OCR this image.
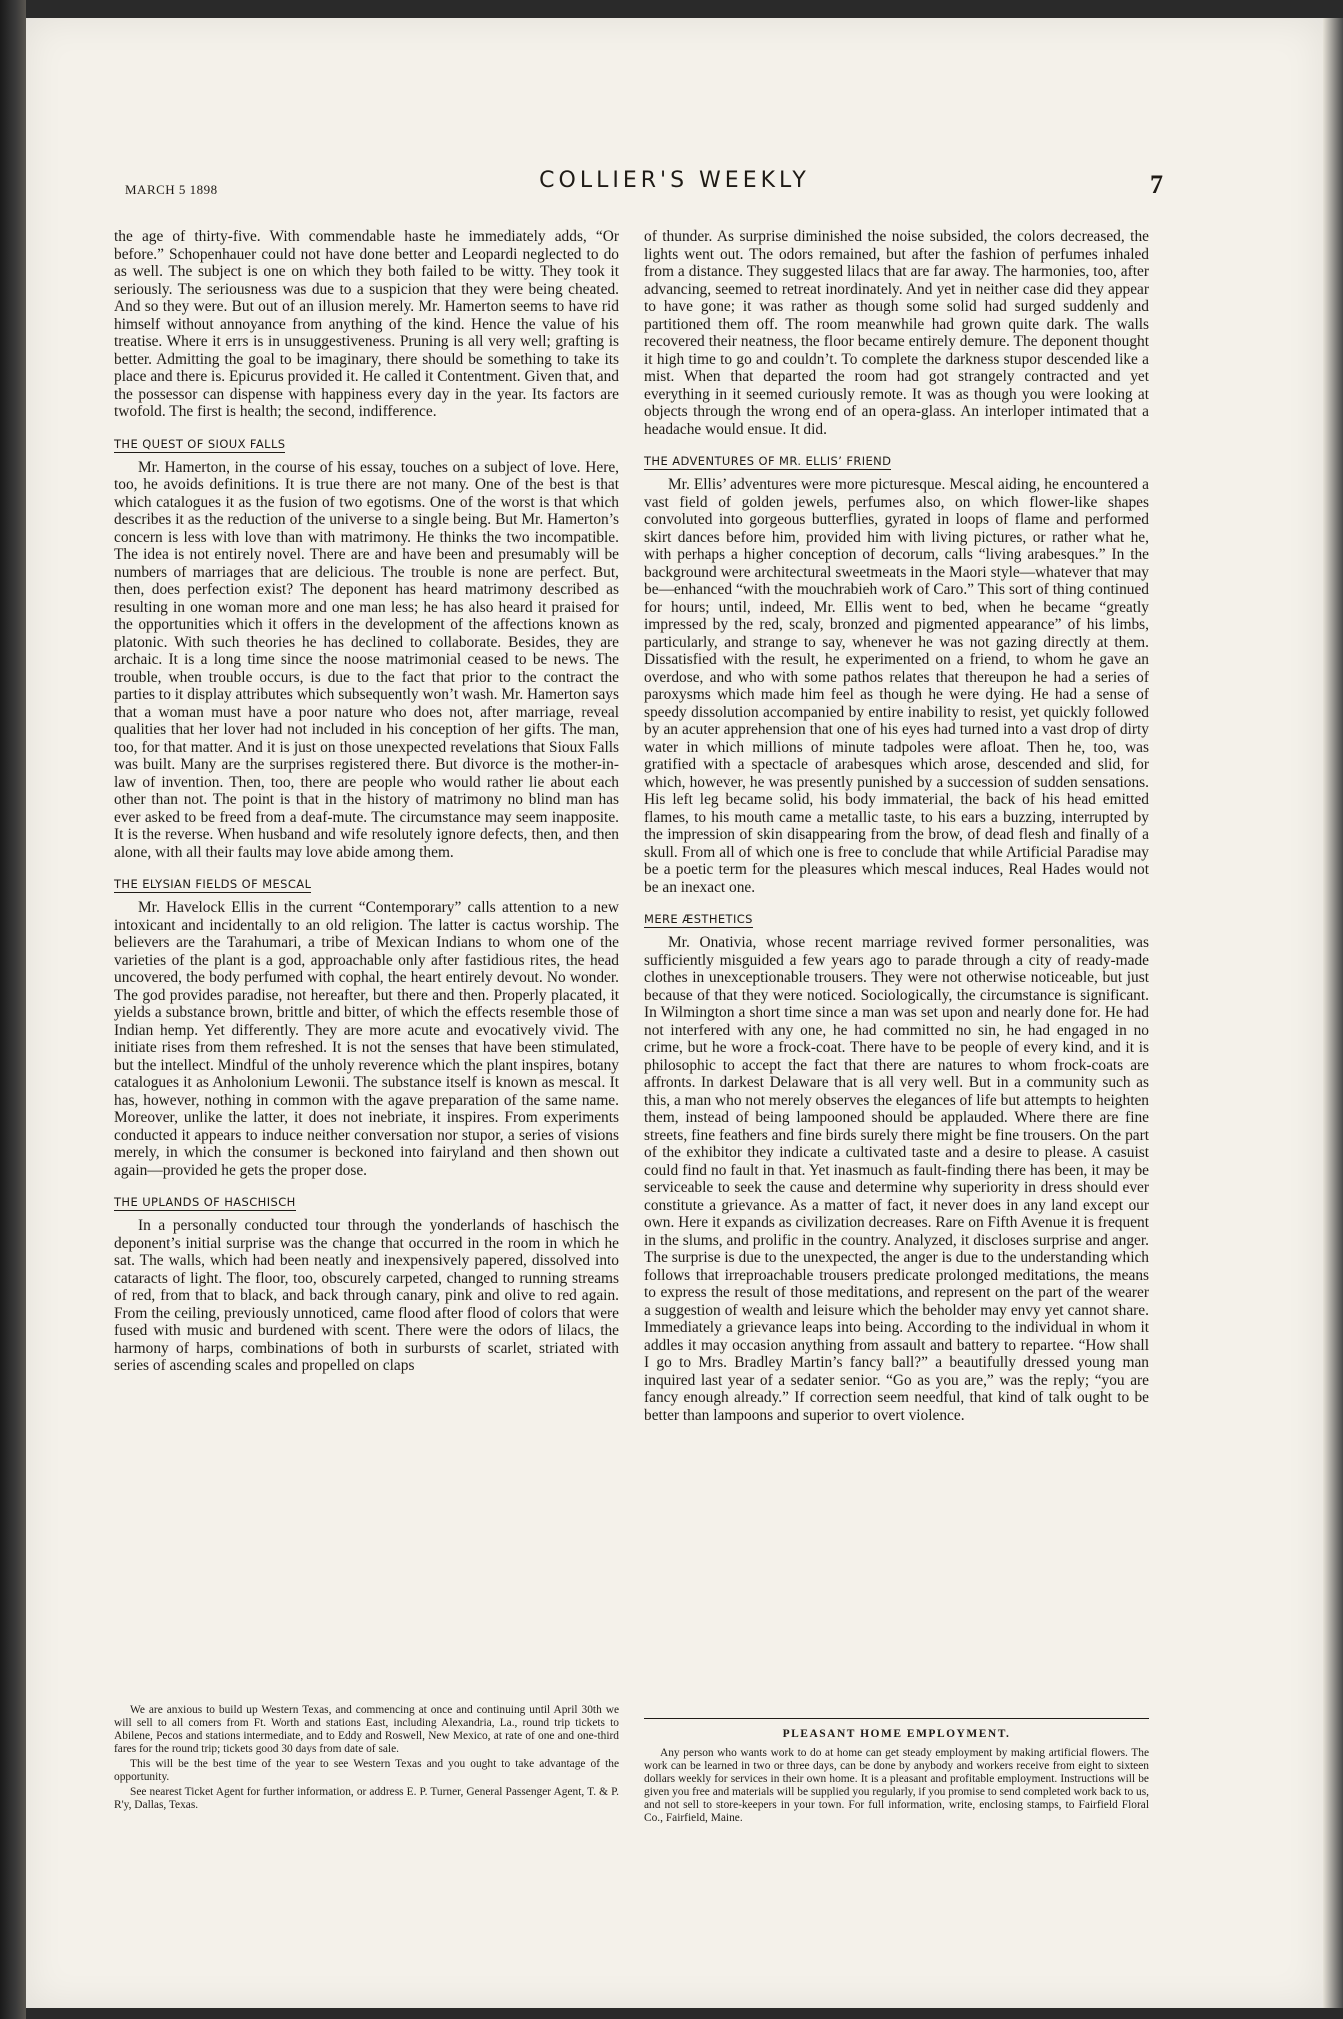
MARCH 5 1898	COLLIER'S WEEKLY	7

the age of thirty-five. With commendable haste he immediately adds, “Or before.” Schopenhauer could not have done better and Leopardi neglected to do as well. The subject is one on which they both failed to be witty. They took it seriously. The seriousness was due to a suspicion that they were being cheated. And so they were. But out of an illusion merely. Mr. Hamerton seems to have rid himself without annoyance from anything of the kind. Hence the value of his treatise. Where it errs is in unsuggestiveness. Pruning is all very well; grafting is better. Admitting the goal to be imaginary, there should be something to take its place and there is. Epicurus provided it. He called it Contentment. Given that, and the possessor can dispense with happiness every day in the year. Its factors are twofold. The first is health; the second, indifference.

THE QUEST OF SIOUX FALLS

Mr. Hamerton, in the course of his essay, touches on a subject of love. Here, too, he avoids definitions. It is true there are not many. One of the best is that which catalogues it as the fusion of two egotisms. One of the worst is that which describes it as the reduction of the universe to a single being. But Mr. Hamerton’s concern is less with love than with matrimony. He thinks the two incompatible. The idea is not entirely novel. There are and have been and presumably will be numbers of marriages that are delicious. The trouble is none are perfect. But, then, does perfection exist? The deponent has heard matrimony described as resulting in one woman more and one man less; he has also heard it praised for the opportunities which it offers in the development of the affections known as platonic. With such theories he has declined to collaborate. Besides, they are archaic. It is a long time since the noose matrimonial ceased to be news. The trouble, when trouble occurs, is due to the fact that prior to the contract the parties to it display attributes which subsequently won’t wash. Mr. Hamerton says that a woman must have a poor nature who does not, after marriage, reveal qualities that her lover had not included in his conception of her gifts. The man, too, for that matter. And it is just on those unexpected revelations that Sioux Falls was built. Many are the surprises registered there. But divorce is the mother-in-law of invention. Then, too, there are people who would rather lie about each other than not. The point is that in the history of matrimony no blind man has ever asked to be freed from a deaf-mute. The circumstance may seem inapposite. It is the reverse. When husband and wife resolutely ignore defects, then, and then alone, with all their faults may love abide among them.

THE ELYSIAN FIELDS OF MESCAL

Mr. Havelock Ellis in the current “Contemporary” calls attention to a new intoxicant and incidentally to an old religion. The latter is cactus worship. The believers are the Tarahumari, a tribe of Mexican Indians to whom one of the varieties of the plant is a god, approachable only after fastidious rites, the head uncovered, the body perfumed with cophal, the heart entirely devout. No wonder. The god provides paradise, not hereafter, but there and then. Properly placated, it yields a substance brown, brittle and bitter, of which the effects resemble those of Indian hemp. Yet differently. They are more acute and evocatively vivid. The initiate rises from them refreshed. It is not the senses that have been stimulated, but the intellect. Mindful of the unholy reverence which the plant inspires, botany catalogues it as Anholonium Lewonii. The substance itself is known as mescal. It has, however, nothing in common with the agave preparation of the same name. Moreover, unlike the latter, it does not inebriate, it inspires. From experiments conducted it appears to induce neither conversation nor stupor, a series of visions merely, in which the consumer is beckoned into fairyland and then shown out again—provided he gets the proper dose.

THE UPLANDS OF HASCHISCH

In a personally conducted tour through the yonderlands of haschisch the deponent’s initial surprise was the change that occurred in the room in which he sat. The walls, which had been neatly and inexpensively papered, dissolved into cataracts of light. The floor, too, obscurely carpeted, changed to running streams of red, from that to black, and back through canary, pink and olive to red again. From the ceiling, previously unnoticed, came flood after flood of colors that were fused with music and burdened with scent. There were the odors of lilacs, the harmony of harps, combinations of both in surbursts of scarlet, striated with series of ascending scales and propelled on claps

of thunder. As surprise diminished the noise subsided, the colors decreased, the lights went out. The odors remained, but after the fashion of perfumes inhaled from a distance. They suggested lilacs that are far away. The harmonies, too, after advancing, seemed to retreat inordinately. And yet in neither case did they appear to have gone; it was rather as though some solid had surged suddenly and partitioned them off. The room meanwhile had grown quite dark. The walls recovered their neatness, the floor became entirely demure. The deponent thought it high time to go and couldn’t. To complete the darkness stupor descended like a mist. When that departed the room had got strangely contracted and yet everything in it seemed curiously remote. It was as though you were looking at objects through the wrong end of an opera-glass. An interloper intimated that a headache would ensue. It did.

THE ADVENTURES OF MR. ELLIS’ FRIEND

Mr. Ellis’ adventures were more picturesque. Mescal aiding, he encountered a vast field of golden jewels, perfumes also, on which flower-like shapes convoluted into gorgeous butterflies, gyrated in loops of flame and performed skirt dances before him, provided him with living pictures, or rather what he, with perhaps a higher conception of decorum, calls “living arabesques.” In the background were architectural sweetmeats in the Maori style—whatever that may be—enhanced “with the mouchrabieh work of Caro.” This sort of thing continued for hours; until, indeed, Mr. Ellis went to bed, when he became “greatly impressed by the red, scaly, bronzed and pigmented appearance” of his limbs, particularly, and strange to say, whenever he was not gazing directly at them. Dissatisfied with the result, he experimented on a friend, to whom he gave an overdose, and who with some pathos relates that thereupon he had a series of paroxysms which made him feel as though he were dying. He had a sense of speedy dissolution accompanied by entire inability to resist, yet quickly followed by an acuter apprehension that one of his eyes had turned into a vast drop of dirty water in which millions of minute tadpoles were afloat. Then he, too, was gratified with a spectacle of arabesques which arose, descended and slid, for which, however, he was presently punished by a succession of sudden sensations. His left leg became solid, his body immaterial, the back of his head emitted flames, to his mouth came a metallic taste, to his ears a buzzing, interrupted by the impression of skin disappearing from the brow, of dead flesh and finally of a skull. From all of which one is free to conclude that while Artificial Paradise may be a poetic term for the pleasures which mescal induces, Real Hades would not be an inexact one.

MERE ÆSTHETICS

Mr. Onativia, whose recent marriage revived former personalities, was sufficiently misguided a few years ago to parade through a city of ready-made clothes in unexceptionable trousers. They were not otherwise noticeable, but just because of that they were noticed. Sociologically, the circumstance is significant. In Wilmington a short time since a man was set upon and nearly done for. He had not interfered with any one, he had committed no sin, he had engaged in no crime, but he wore a frock-coat. There have to be people of every kind, and it is philosophic to accept the fact that there are natures to whom frock-coats are affronts. In darkest Delaware that is all very well. But in a community such as this, a man who not merely observes the elegances of life but attempts to heighten them, instead of being lampooned should be applauded. Where there are fine streets, fine feathers and fine birds surely there might be fine trousers. On the part of the exhibitor they indicate a cultivated taste and a desire to please. A casuist could find no fault in that. Yet inasmuch as fault-finding there has been, it may be serviceable to seek the cause and determine why superiority in dress should ever constitute a grievance. As a matter of fact, it never does in any land except our own. Here it expands as civilization decreases. Rare on Fifth Avenue it is frequent in the slums, and prolific in the country. Analyzed, it discloses surprise and anger. The surprise is due to the unexpected, the anger is due to the understanding which follows that irreproachable trousers predicate prolonged meditations, the means to express the result of those meditations, and represent on the part of the wearer a suggestion of wealth and leisure which the beholder may envy yet cannot share. Immediately a grievance leaps into being. According to the individual in whom it addles it may occasion anything from assault and battery to repartee. “How shall I go to Mrs. Bradley Martin’s fancy ball?” a beautifully dressed young man inquired last year of a sedater senior. “Go as you are,” was the reply; “you are fancy enough already.” If correction seem needful, that kind of talk ought to be better than lampoons and superior to overt violence.

We are anxious to build up Western Texas, and commencing at once and continuing until April 30th we will sell to all comers from Ft. Worth and stations East, including Alexandria, La., round trip tickets to Abilene, Pecos and stations intermediate, and to Eddy and Roswell, New Mexico, at rate of one and one-third fares for the round trip; tickets good 30 days from date of sale.

This will be the best time of the year to see Western Texas and you ought to take advantage of the opportunity.

See nearest Ticket Agent for further information, or address E. P. Turner, General Passenger Agent, T. & P. R'y, Dallas, Texas.

PLEASANT HOME EMPLOYMENT.

Any person who wants work to do at home can get steady employment by making artificial flowers. The work can be learned in two or three days, can be done by anybody and workers receive from eight to sixteen dollars weekly for services in their own home. It is a pleasant and profitable employment. Instructions will be given you free and materials will be supplied you regularly, if you promise to send completed work back to us, and not sell to store-keepers in your town. For full information, write, enclosing stamps, to Fairfield Floral Co., Fairfield, Maine.
